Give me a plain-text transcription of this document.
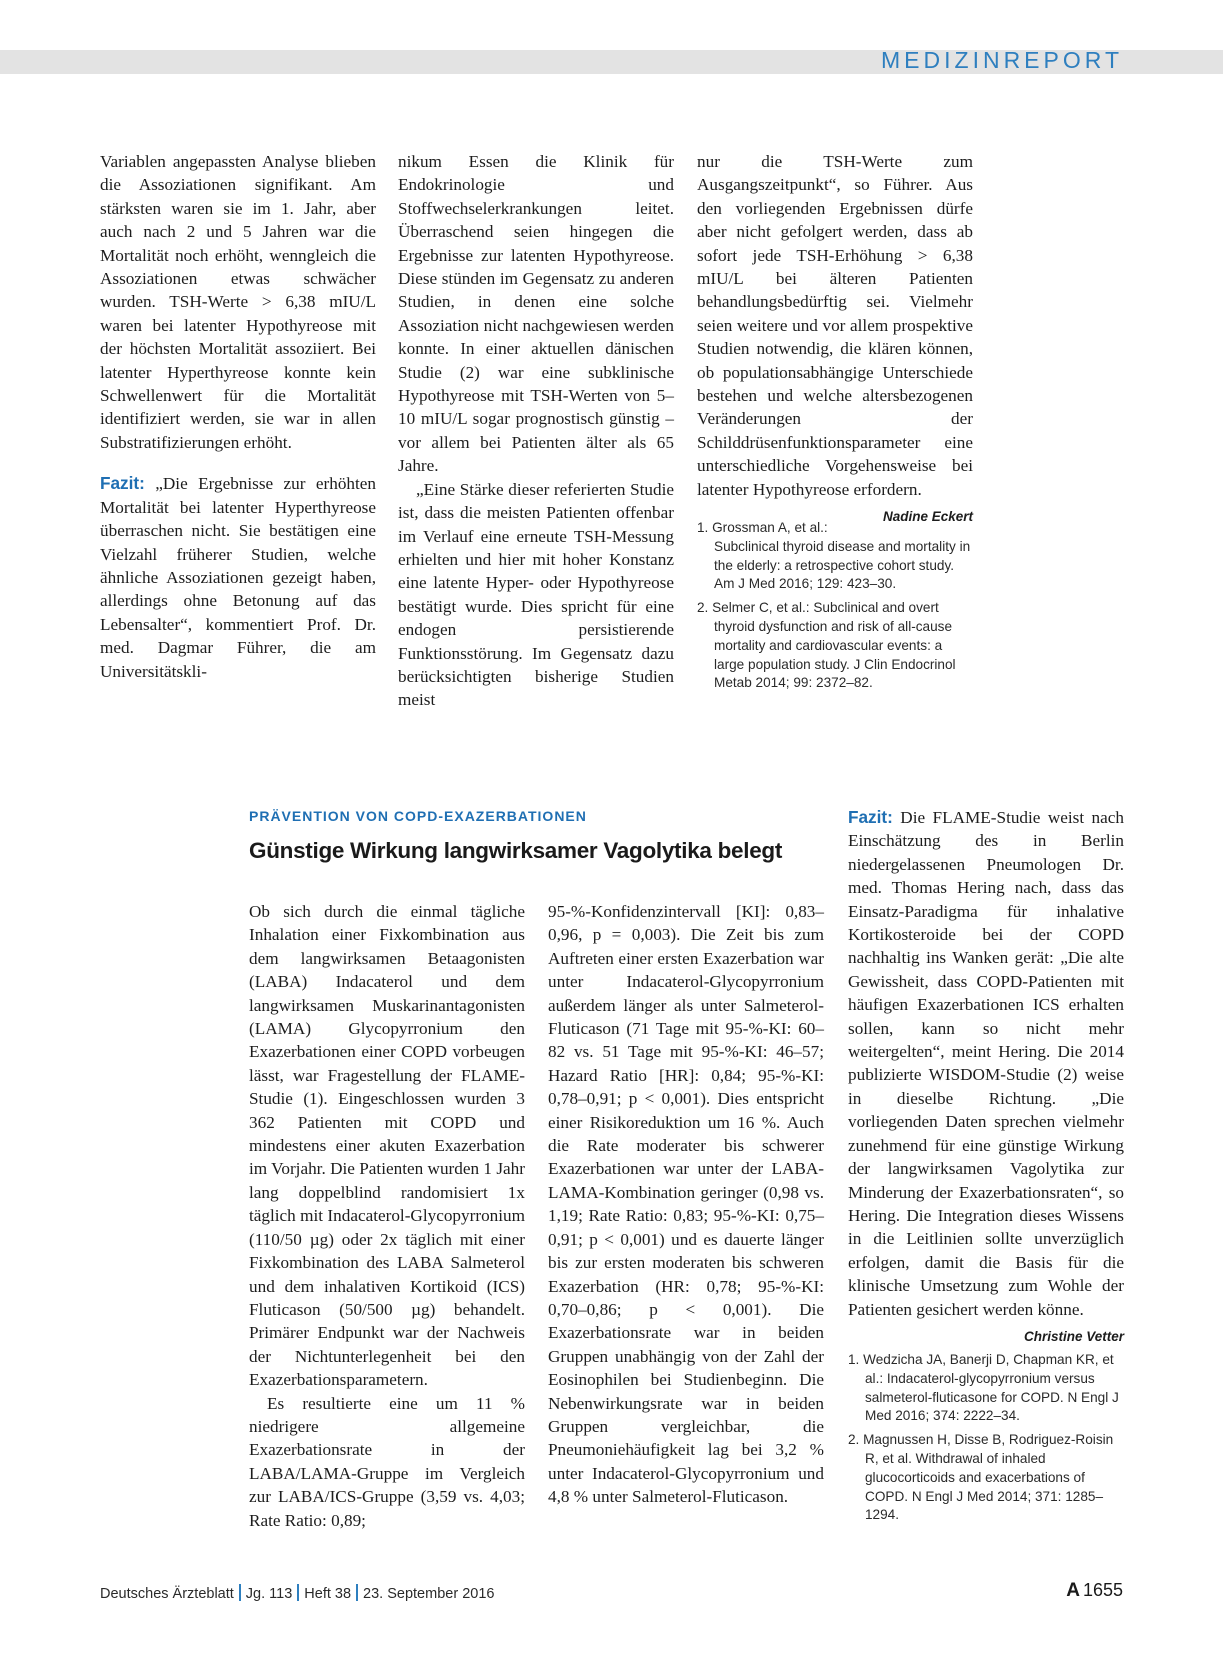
MEDIZINREPORT

Variablen angepassten Analyse blieben die Assoziationen signifikant. Am stärksten waren sie im 1. Jahr, aber auch nach 2 und 5 Jahren war die Mortalität noch erhöht, wenngleich die Assoziationen etwas schwächer wurden. TSH-Werte > 6,38 mIU/L waren bei latenter Hypothyreose mit der höchsten Mortalität assoziiert. Bei latenter Hyperthyreose konnte kein Schwellenwert für die Mortalität identifiziert werden, sie war in allen Substratifizierungen erhöht.

Fazit: „Die Ergebnisse zur erhöhten Mortalität bei latenter Hyperthyreose überraschen nicht. Sie bestätigen eine Vielzahl früherer Studien, welche ähnliche Assoziationen gezeigt haben, allerdings ohne Betonung auf das Lebensalter“, kommentiert Prof. Dr. med. Dagmar Führer, die am Universitätskli-

nikum Essen die Klinik für Endokrinologie und Stoffwechselerkrankungen leitet. Überraschend seien hingegen die Ergebnisse zur latenten Hypothyreose. Diese stünden im Gegensatz zu anderen Studien, in denen eine solche Assoziation nicht nachgewiesen werden konnte. In einer aktuellen dänischen Studie (2) war eine subklinische Hypothyreose mit TSH-Werten von 5–10 mIU/L sogar prognostisch günstig – vor allem bei Patienten älter als 65 Jahre.

„Eine Stärke dieser referierten Studie ist, dass die meisten Patienten offenbar im Verlauf eine erneute TSH-Messung erhielten und hier mit hoher Konstanz eine latente Hyper- oder Hypothyreose bestätigt wurde. Dies spricht für eine endogen persistierende Funktionsstörung. Im Gegensatz dazu berücksichtigten bisherige Studien meist

nur die TSH-Werte zum Ausgangszeitpunkt“, so Führer. Aus den vorliegenden Ergebnissen dürfe aber nicht gefolgert werden, dass ab sofort jede TSH-Erhöhung > 6,38 mIU/L bei älteren Patienten behandlungsbedürftig sei. Vielmehr seien weitere und vor allem prospektive Studien notwendig, die klären können, ob populationsabhängige Unterschiede bestehen und welche altersbezogenen Veränderungen der Schilddrüsenfunktionsparameter eine unterschiedliche Vorgehensweise bei latenter Hypothyreose erfordern.
Nadine Eckert

1. Grossman A, et al.: Subclinical thyroid disease and mortality in the elderly: a retrospective cohort study. Am J Med 2016; 129: 423–30.
2. Selmer C, et al.: Subclinical and overt thyroid dysfunction and risk of all-cause mortality and cardiovascular events: a large population study. J Clin Endocrinol Metab 2014; 99: 2372–82.
PRÄVENTION VON COPD-EXAZERBATIONEN
Günstige Wirkung langwirksamer Vagolytika belegt

Ob sich durch die einmal tägliche Inhalation einer Fixkombination aus dem langwirksamen Betaagonisten (LABA) Indacaterol und dem langwirksamen Muskarinantagonisten (LAMA) Glycopyrronium den Exazerbationen einer COPD vorbeugen lässt, war Fragestellung der FLAME-Studie (1). Eingeschlossen wurden 3 362 Patienten mit COPD und mindestens einer akuten Exazerbation im Vorjahr. Die Patienten wurden 1 Jahr lang doppelblind randomisiert 1x täglich mit Indacaterol-Glycopyrronium (110/50 µg) oder 2x täglich mit einer Fixkombination des LABA Salmeterol und dem inhalativen Kortikoid (ICS) Fluticason (50/500 µg) behandelt. Primärer Endpunkt war der Nachweis der Nichtunterlegenheit bei den Exazerbationsparametern.

Es resultierte eine um 11 % niedrigere allgemeine Exazerbationsrate in der LABA/LAMA-Gruppe im Vergleich zur LABA/ICS-Gruppe (3,59 vs. 4,03; Rate Ratio: 0,89;

95-%-Konfidenzintervall [KI]: 0,83–0,96, p = 0,003). Die Zeit bis zum Auftreten einer ersten Exazerbation war unter Indacaterol-Glycopyrronium außerdem länger als unter Salmeterol-Fluticason (71 Tage mit 95-%-KI: 60–82 vs. 51 Tage mit 95-%-KI: 46–57; Hazard Ratio [HR]: 0,84; 95-%-KI: 0,78–0,91; p < 0,001). Dies entspricht einer Risikoreduktion um 16 %. Auch die Rate moderater bis schwerer Exazerbationen war unter der LABA-LAMA-Kombination geringer (0,98 vs. 1,19; Rate Ratio: 0,83; 95-%-KI: 0,75–0,91; p < 0,001) und es dauerte länger bis zur ersten moderaten bis schweren Exazerbation (HR: 0,78; 95-%-KI: 0,70–0,86; p < 0,001). Die Exazerbationsrate war in beiden Gruppen unabhängig von der Zahl der Eosinophilen bei Studienbeginn. Die Nebenwirkungsrate war in beiden Gruppen vergleichbar, die Pneumoniehäufigkeit lag bei 3,2 % unter Indacaterol-Glycopyrronium und 4,8 % unter Salmeterol-Fluticason.

Fazit: Die FLAME-Studie weist nach Einschätzung des in Berlin niedergelassenen Pneumologen Dr. med. Thomas Hering nach, dass das Einsatz-Paradigma für inhalative Kortikosteroide bei der COPD nachhaltig ins Wanken gerät: „Die alte Gewissheit, dass COPD-Patienten mit häufigen Exazerbationen ICS erhalten sollen, kann so nicht mehr weitergelten“, meint Hering. Die 2014 publizierte WISDOM-Studie (2) weise in dieselbe Richtung. „Die vorliegenden Daten sprechen vielmehr zunehmend für eine günstige Wirkung der langwirksamen Vagolytika zur Minderung der Exazerbationsraten“, so Hering. Die Integration dieses Wissens in die Leitlinien sollte unverzüglich erfolgen, damit die Basis für die klinische Umsetzung zum Wohle der Patienten gesichert werden könne.
Christine Vetter

1. Wedzicha JA, Banerji D, Chapman KR, et al.: Indacaterol-glycopyrronium versus salmeterol-fluticasone for COPD. N Engl J Med 2016; 374: 2222–34.
2. Magnussen H, Disse B, Rodriguez-Roisin R, et al. Withdrawal of inhaled glucocorticoids and exacerbations of COPD. N Engl J Med 2014; 371: 1285–1294.
Deutsches Ärzteblatt Jg. 113 Heft 38 23. September 2016	A 1655
